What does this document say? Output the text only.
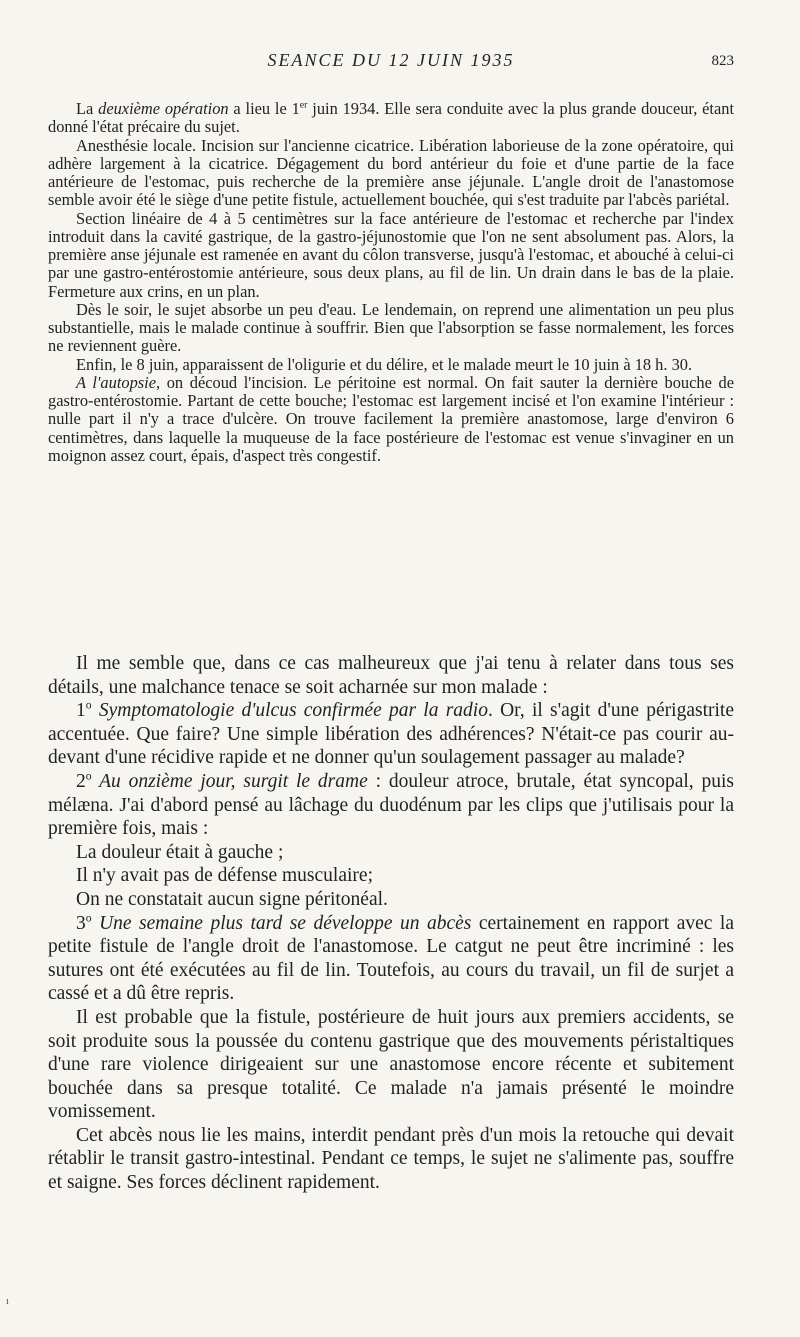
SEANCE DU 12 JUIN 1935	823

La deuxième opération a lieu le 1er juin 1934. Elle sera conduite avec la plus grande douceur, étant donné l'état précaire du sujet.

Anesthésie locale. Incision sur l'ancienne cicatrice. Libération laborieuse de la zone opératoire, qui adhère largement à la cicatrice. Dégagement du bord antérieur du foie et d'une partie de la face antérieure de l'estomac, puis recherche de la première anse jéjunale. L'angle droit de l'anastomose semble avoir été le siège d'une petite fistule, actuellement bouchée, qui s'est traduite par l'abcès pariétal.

Section linéaire de 4 à 5 centimètres sur la face antérieure de l'estomac et recherche par l'index introduit dans la cavité gastrique, de la gastro-jéjunostomie que l'on ne sent absolument pas. Alors, la première anse jéjunale est ramenée en avant du côlon transverse, jusqu'à l'estomac, et abouché à celui-ci par une gastro-entérostomie antérieure, sous deux plans, au fil de lin. Un drain dans le bas de la plaie. Fermeture aux crins, en un plan.

Dès le soir, le sujet absorbe un peu d'eau. Le lendemain, on reprend une alimentation un peu plus substantielle, mais le malade continue à souffrir. Bien que l'absorption se fasse normalement, les forces ne reviennent guère.

Enfin, le 8 juin, apparaissent de l'oligurie et du délire, et le malade meurt le 10 juin à 18 h. 30.

A l'autopsie, on découd l'incision. Le péritoine est normal. On fait sauter la dernière bouche de gastro-entérostomie. Partant de cette bouche; l'estomac est largement incisé et l'on examine l'intérieur : nulle part il n'y a trace d'ulcère. On trouve facilement la première anastomose, large d'environ 6 centimètres, dans laquelle la muqueuse de la face postérieure de l'estomac est venue s'invaginer en un moignon assez court, épais, d'aspect très congestif.

Il me semble que, dans ce cas malheureux que j'ai tenu à relater dans tous ses détails, une malchance tenace se soit acharnée sur mon malade :

1$^o$ Symptomatologie d'ulcus confirmée par la radio. Or, il s'agit d'une périgastrite accentuée. Que faire? Une simple libération des adhérences? N'était-ce pas courir au-devant d'une récidive rapide et ne donner qu'un soulagement passager au malade?

2$^o$ Au onzième jour, surgit le drame : douleur atroce, brutale, état syncopal, puis mélæna. J'ai d'abord pensé au lâchage du duodénum par les clips que j'utilisais pour la première fois, mais :

La douleur était à gauche ;

Il n'y avait pas de défense musculaire;

On ne constatait aucun signe péritonéal.

3$^o$ Une semaine plus tard se développe un abcès certainement en rapport avec la petite fistule de l'angle droit de l'anastomose. Le catgut ne peut être incriminé : les sutures ont été exécutées au fil de lin. Toutefois, au cours du travail, un fil de surjet a cassé et a dû être repris.

Il est probable que la fistule, postérieure de huit jours aux premiers accidents, se soit produite sous la poussée du contenu gastrique que des mouvements péristaltiques d'une rare violence dirigeaient sur une anastomose encore récente et subitement bouchée dans sa presque totalité. Ce malade n'a jamais présenté le moindre vomissement.

Cet abcès nous lie les mains, interdit pendant près d'un mois la retouche qui devait rétablir le transit gastro-intestinal. Pendant ce temps, le sujet ne s'alimente pas, souffre et saigne. Ses forces déclinent rapidement.

ı
